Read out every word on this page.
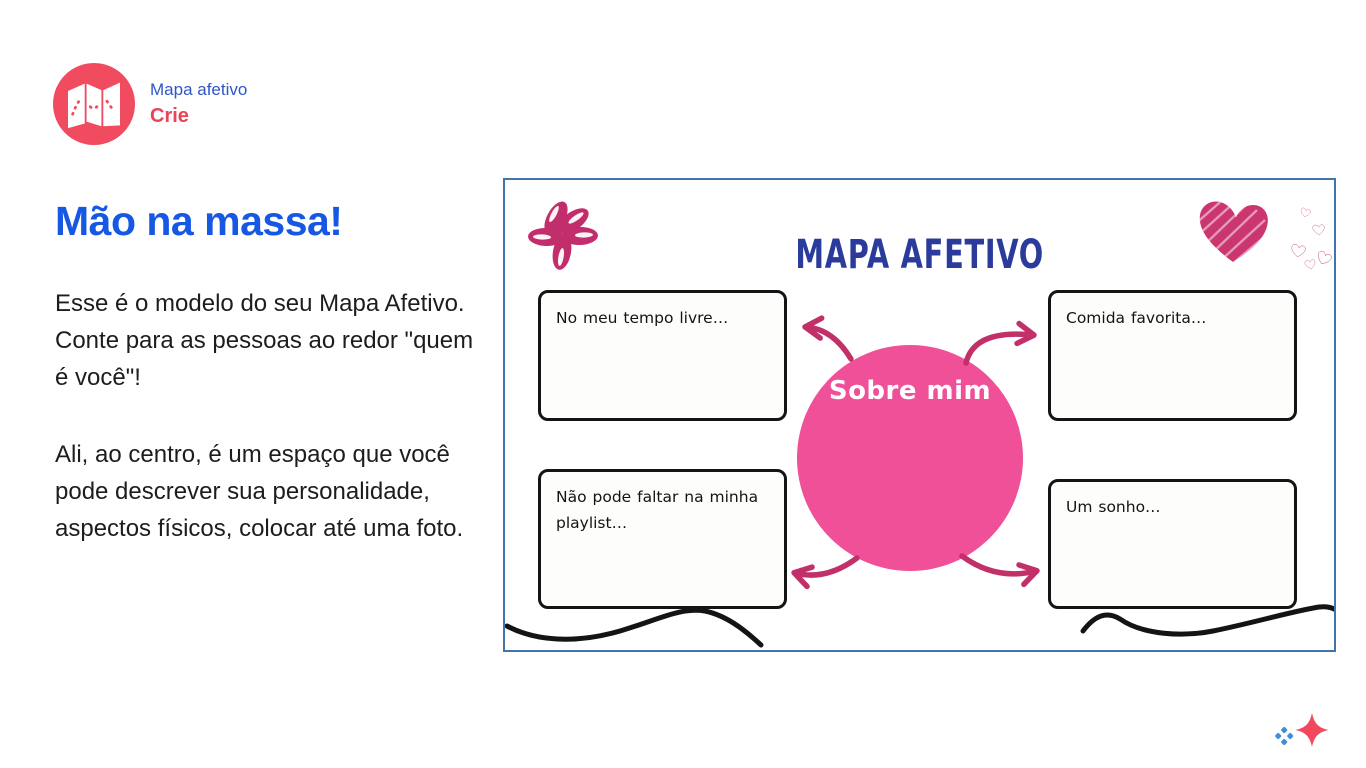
Mapa afetivo
Crie
Mão na massa!

Esse é o modelo do seu Mapa Afetivo. Conte para as pessoas ao redor "quem é você"!

Ali, ao centro, é um espaço que você pode descrever sua personalidade, aspectos físicos, colocar até uma foto.

MAPA AFETIVO
No meu tempo livre…	Comida favorita…
Não pode faltar na minha playlist…
Um sonho…
Sobre mim
